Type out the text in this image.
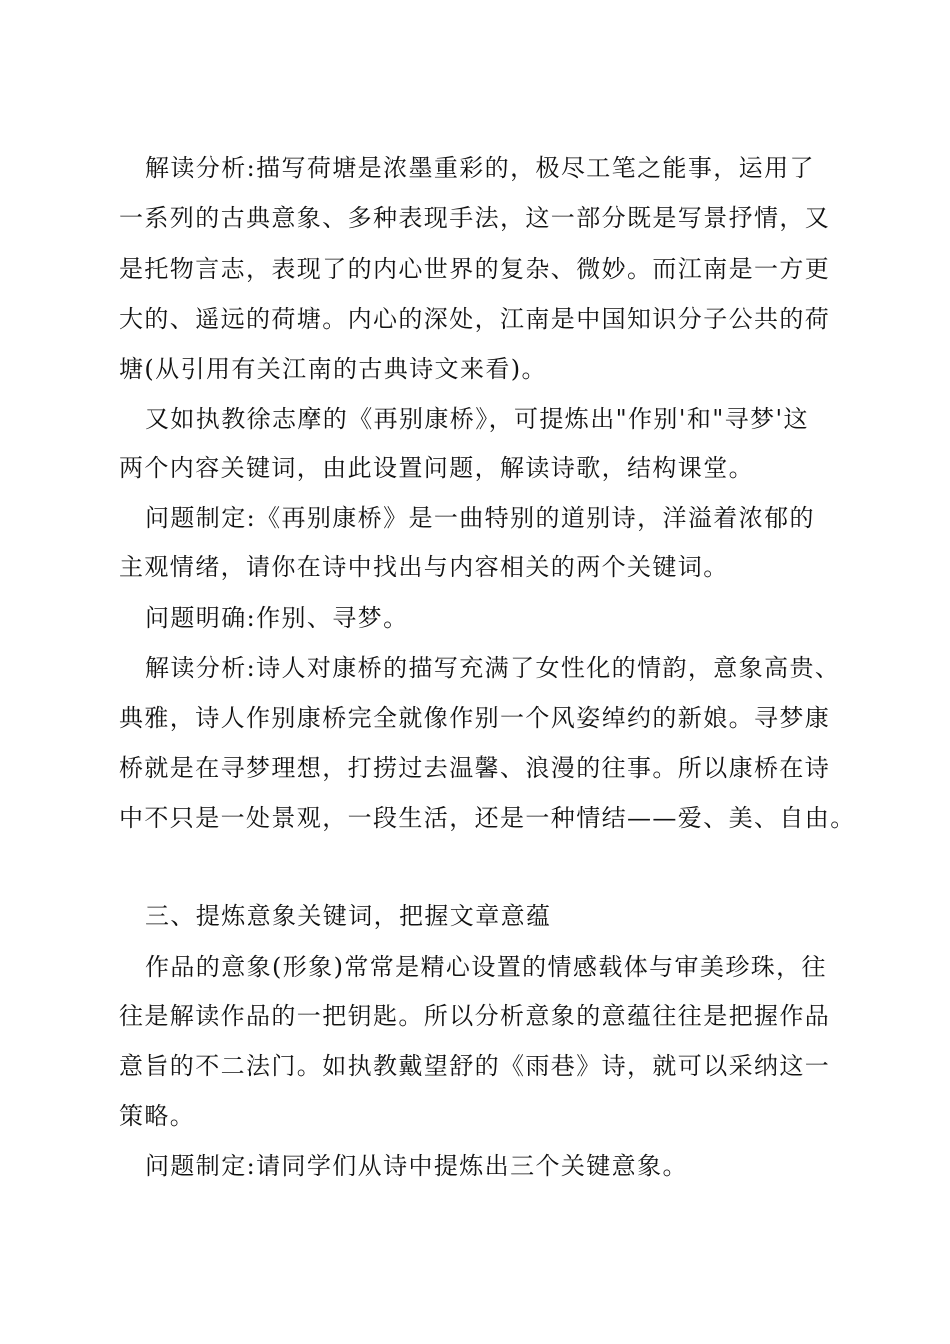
解读分析:描写荷塘是浓墨重彩的，极尽工笔之能事，运用了
一系列的古典意象、多种表现手法，这一部分既是写景抒情，又
是托物言志，表现了的内心世界的复杂、微妙。而江南是一方更
大的、遥远的荷塘。内心的深处，江南是中国知识分子公共的荷
塘(从引用有关江南的古典诗文来看)。
又如执教徐志摩的《再别康桥》，可提炼出"作别'和"寻梦'这
两个内容关键词，由此设置问题，解读诗歌，结构课堂。
问题制定:《再别康桥》是一曲特别的道别诗，洋溢着浓郁的
主观情绪，请你在诗中找出与内容相关的两个关键词。
问题明确:作别、寻梦。
解读分析:诗人对康桥的描写充满了女性化的情韵，意象高贵、
典雅，诗人作别康桥完全就像作别一个风姿绰约的新娘。寻梦康
桥就是在寻梦理想，打捞过去温馨、浪漫的往事。所以康桥在诗
中不只是一处景观，一段生活，还是一种情结——爱、美、自由。
三、提炼意象关键词，把握文章意蕴
作品的意象(形象)常常是精心设置的情感载体与审美珍珠，往
往是解读作品的一把钥匙。所以分析意象的意蕴往往是把握作品
意旨的不二法门。如执教戴望舒的《雨巷》诗，就可以采纳这一
策略。
问题制定:请同学们从诗中提炼出三个关键意象。
